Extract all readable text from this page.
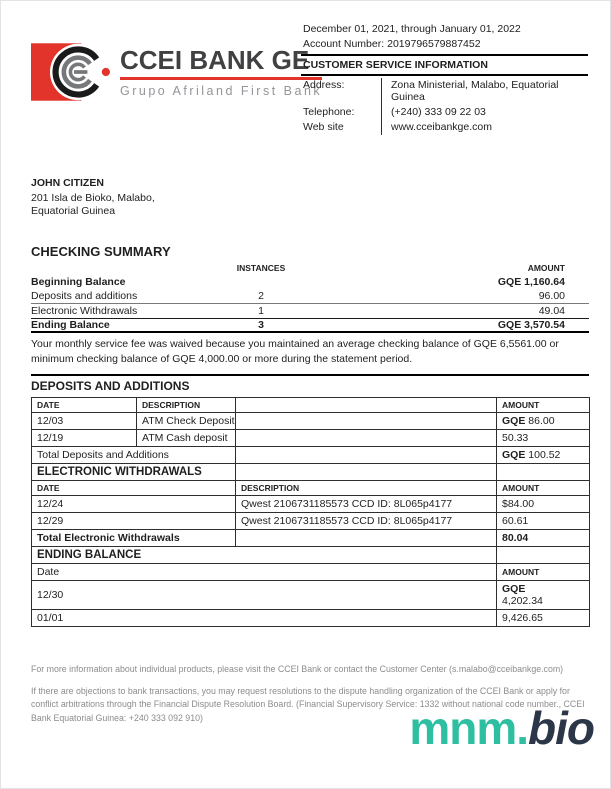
CCEI BANK GE
Grupo Afriland First Bank
December 01, 2021, through January 01, 2022
Account Number: 2019796579887452
CUSTOMER SERVICE INFORMATION
Address:	Zona Ministerial, Malabo, Equatorial Guinea
Telephone:	(+240) 333 09 22 03
Web site	www.cceibankge.com
JOHN CITIZEN
201 Isla de Bioko, Malabo,
Equatorial Guinea
CHECKING SUMMARY
INSTANCES	AMOUNT
Beginning Balance	GQE 1,160.64
Deposits and additions	2	96.00
Electronic Withdrawals	1	49.04
Ending Balance	3	GQE 3,570.54
Your monthly service fee was waived because you maintained an average checking balance of GQE 6,5561.00 or minimum checking balance of GQE 4,000.00 or more during the statement period.
DEPOSITS AND ADDITIONS
DATE	DESCRIPTION		AMOUNT
12/03	ATM Check Deposit		GQE 86.00
12/19	ATM Cash deposit		50.33
Total Deposits and Additions			GQE 100.52
ELECTRONIC WITHDRAWALS			
DATE		DESCRIPTION	AMOUNT
12/24		Qwest 2106731185573 CCD ID: 8L065p4177	$84.00
12/29		Qwest 2106731185573 CCD ID: 8L065p4177	60.61
Total Electronic Withdrawals			80.04
ENDING BALANCE			
Date			AMOUNT
12/30			GQE
4,202.34

01/01			9,426.65
For more information about individual products, please visit the CCEI Bank or contact the Customer Center (s.malabo@cceibankge.com)
If there are objections to bank transactions, you may request resolutions to the dispute handling organization of the CCEI Bank or apply for conflict arbitrations through the Financial Dispute Resolution Board. (Financial Supervisory Service: 1332 without national code number., CCEI Bank Equatorial Guinea: +240 333 092 910)	mnm.bio
